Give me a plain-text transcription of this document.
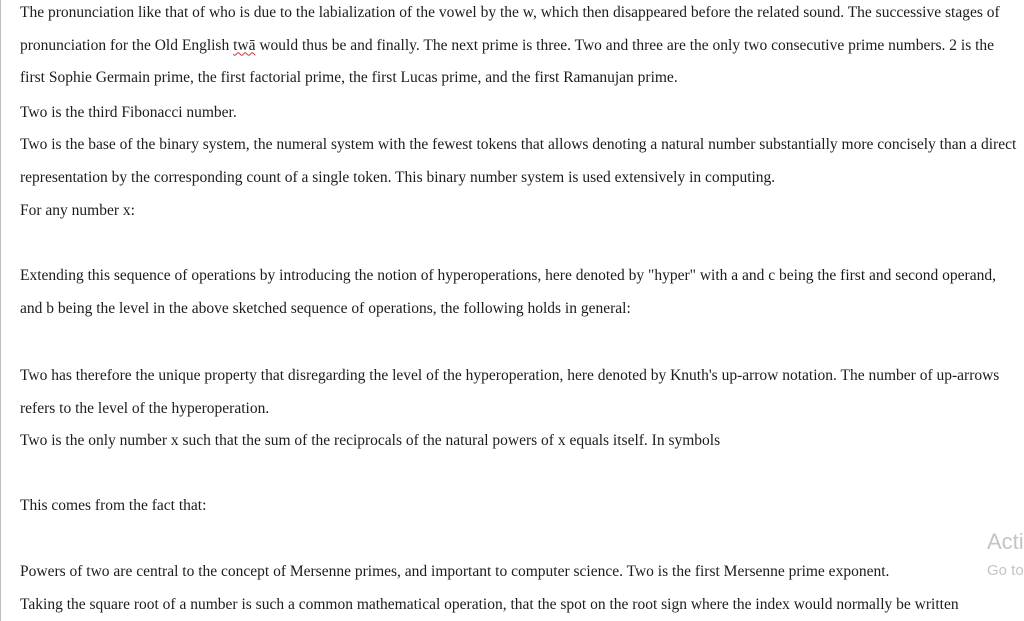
The pronunciation like that of who is due to the labialization of the vowel by the w, which then disappeared before the related sound. The successive stages of pronunciation for the Old English twā would thus be and finally. The next prime is three. Two and three are the only two consecutive prime numbers. 2 is the first Sophie Germain prime, the first factorial prime, the first Lucas prime, and the first Ramanujan prime.

Two is the third Fibonacci number.

Two is the base of the binary system, the numeral system with the fewest tokens that allows denoting a natural number substantially more concisely than a direct representation by the corresponding count of a single token. This binary number system is used extensively in computing.

For any number x:

Extending this sequence of operations by introducing the notion of hyperoperations, here denoted by "hyper" with a and c being the first and second operand, and b being the level in the above sketched sequence of operations, the following holds in general:

Two has therefore the unique property that disregarding the level of the hyperoperation, here denoted by Knuth's up-arrow notation. The number of up-arrows refers to the level of the hyperoperation.

Two is the only number x such that the sum of the reciprocals of the natural powers of x equals itself. In symbols

This comes from the fact that:

Powers of two are central to the concept of Mersenne primes, and important to computer science. Two is the first Mersenne prime exponent.

Taking the square root of a number is such a common mathematical operation, that the spot on the root sign where the index would normally be written

Acti
Go to
